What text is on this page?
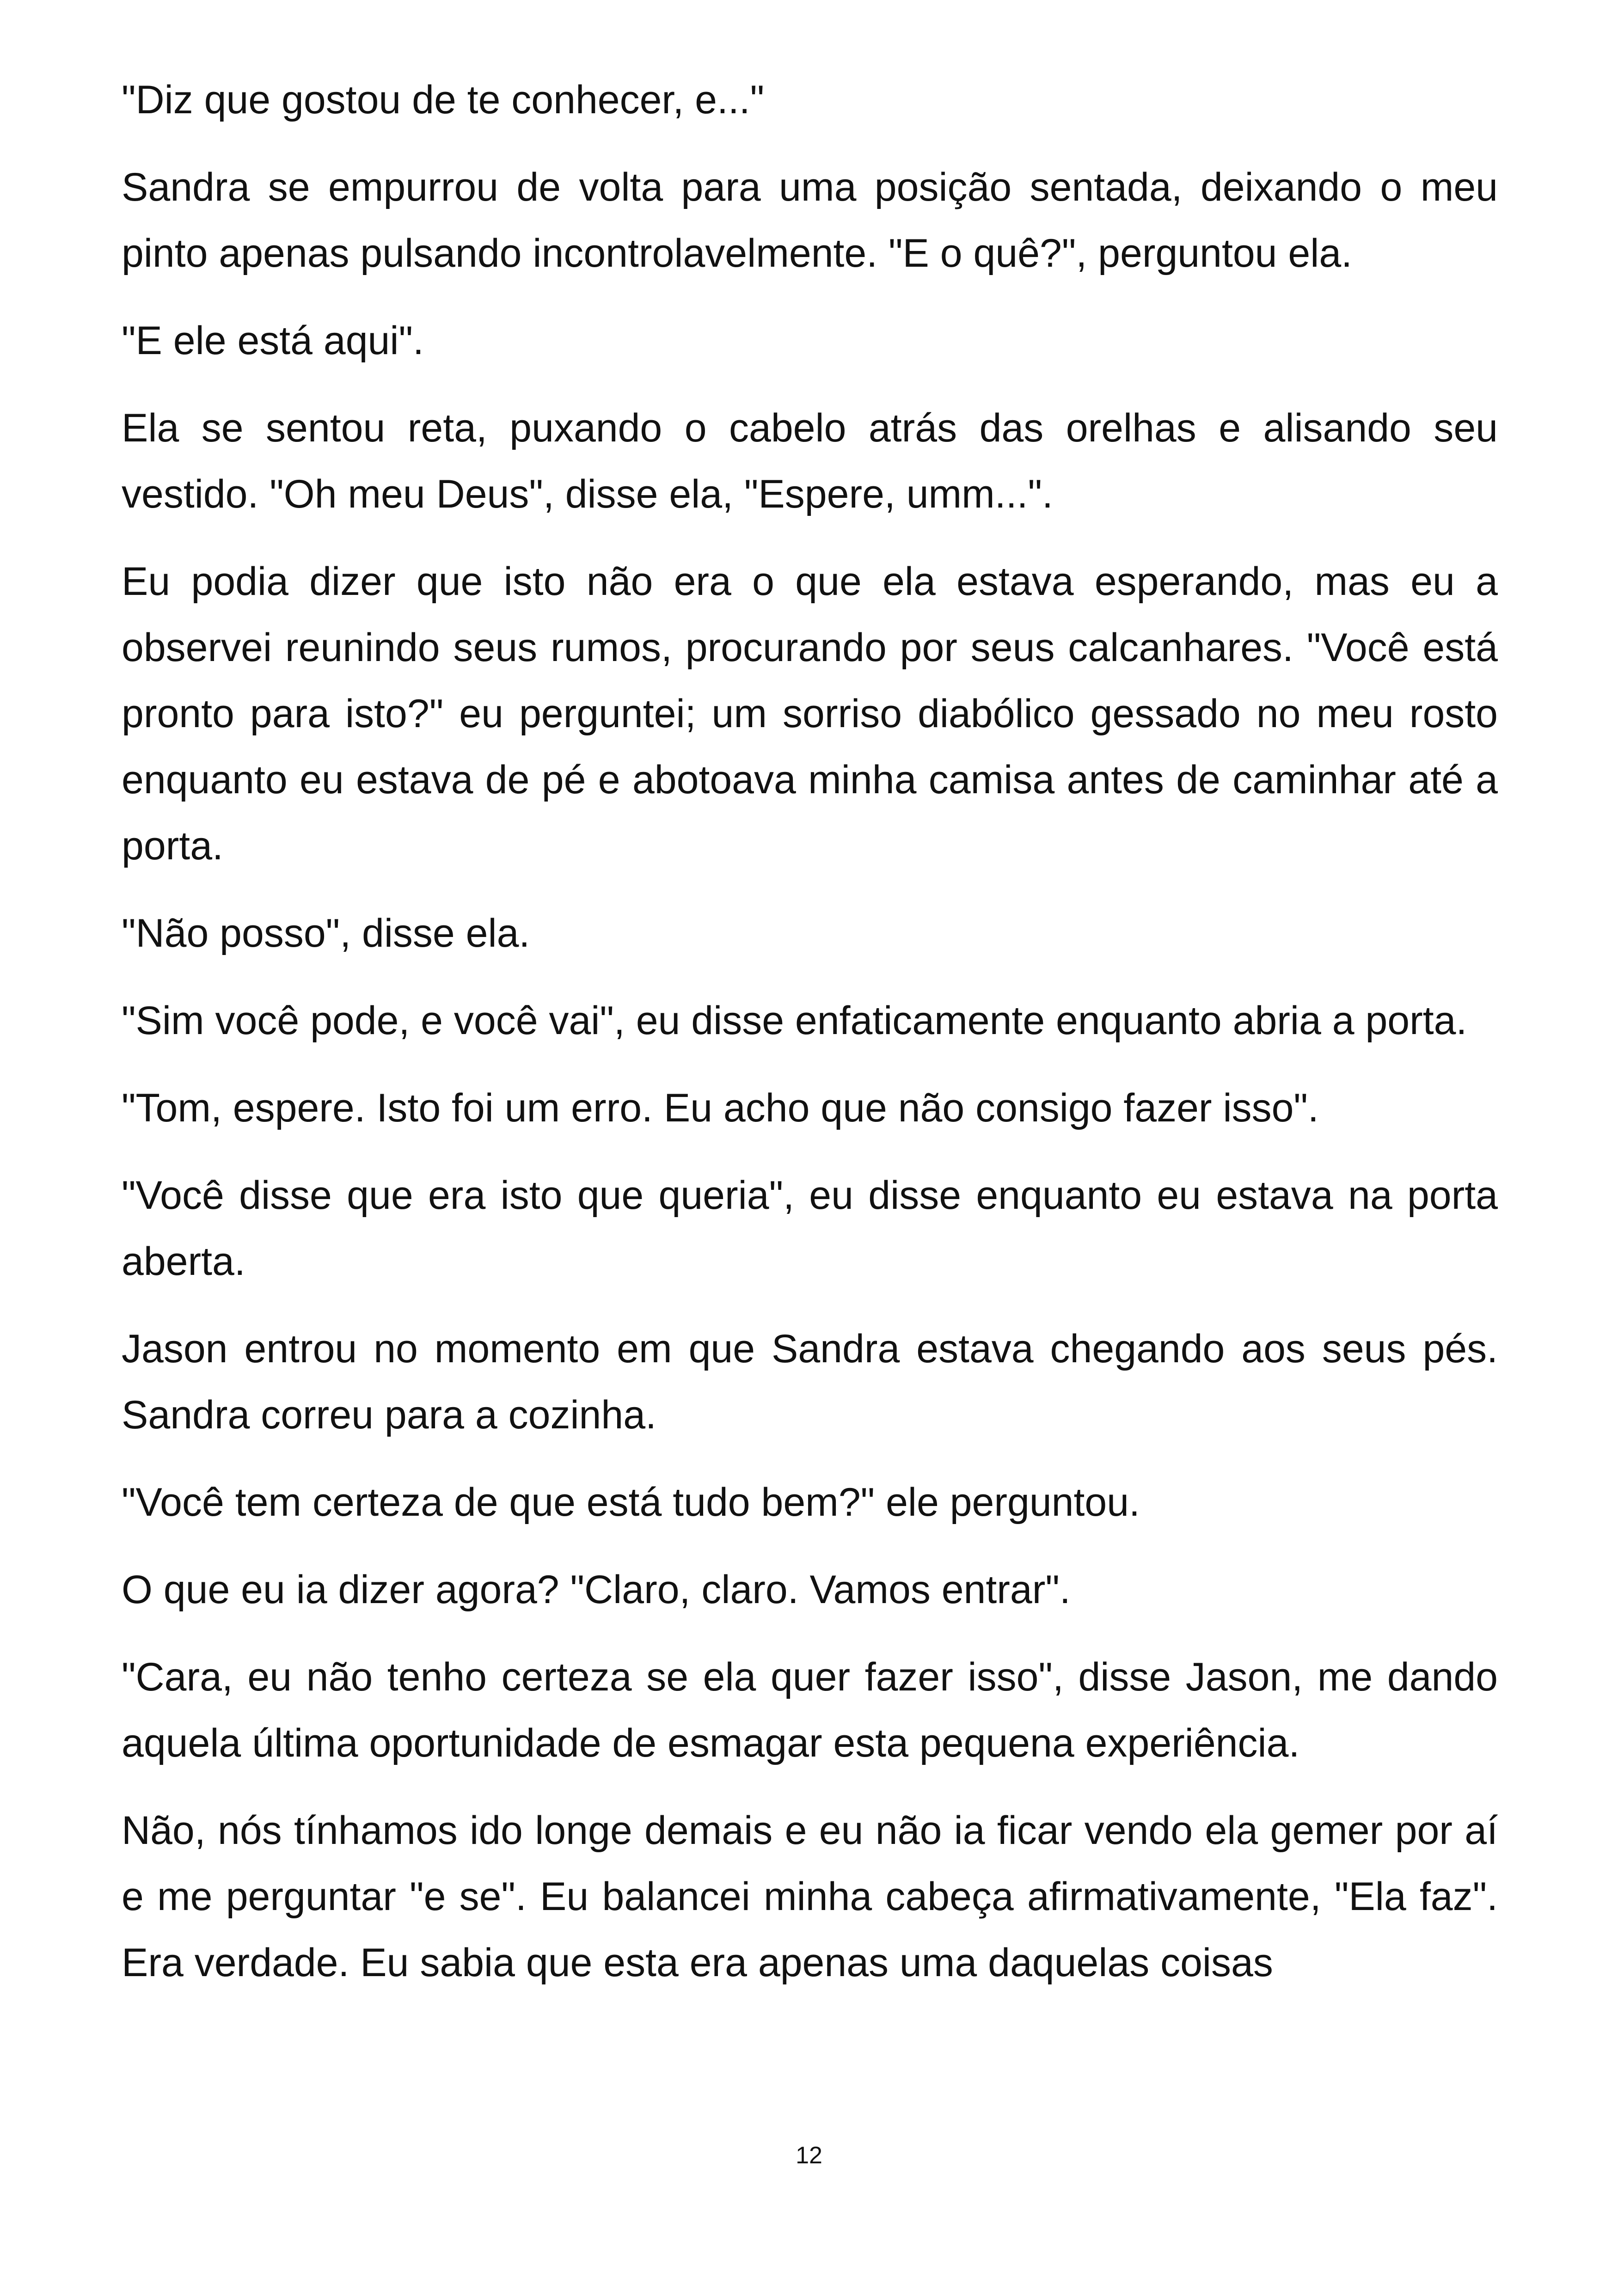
"Diz que gostou de te conhecer, e..."

Sandra se empurrou de volta para uma posição sentada, deixando o meu pinto apenas pulsando incontrolavelmente. "E o quê?", perguntou ela.

"E ele está aqui".

Ela se sentou reta, puxando o cabelo atrás das orelhas e alisando seu vestido. "Oh meu Deus", disse ela, "Espere, umm...".

Eu podia dizer que isto não era o que ela estava esperando, mas eu a observei reunindo seus rumos, procurando por seus calcanhares. "Você está pronto para isto?" eu perguntei; um sorriso diabólico gessado no meu rosto enquanto eu estava de pé e abotoava minha camisa antes de caminhar até a porta.

"Não posso", disse ela.

"Sim você pode, e você vai", eu disse enfaticamente enquanto abria a porta.

"Tom, espere. Isto foi um erro. Eu acho que não consigo fazer isso".

"Você disse que era isto que queria", eu disse enquanto eu estava na porta aberta.

Jason entrou no momento em que Sandra estava chegando aos seus pés. Sandra correu para a cozinha.

"Você tem certeza de que está tudo bem?" ele perguntou.

O que eu ia dizer agora? "Claro, claro. Vamos entrar".

"Cara, eu não tenho certeza se ela quer fazer isso", disse Jason, me dando aquela última oportunidade de esmagar esta pequena experiência.

Não, nós tínhamos ido longe demais e eu não ia ficar vendo ela gemer por aí e me perguntar "e se". Eu balancei minha cabeça afirmativamente, "Ela faz". Era verdade. Eu sabia que esta era apenas uma daquelas coisas

12
